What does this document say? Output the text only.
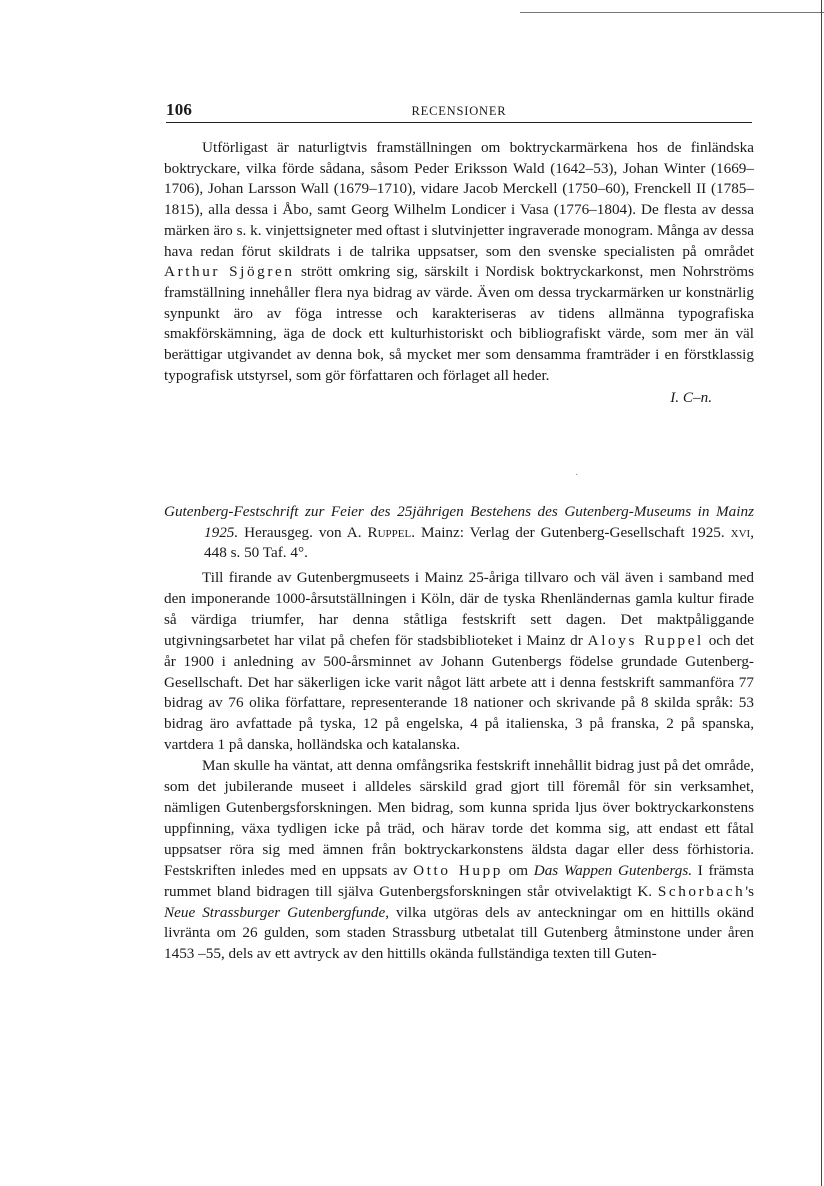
106	RECENSIONER

Utförligast är naturligtvis framställningen om boktryckarmärkena hos de finländska boktryckare, vilka förde sådana, såsom Peder Eriksson Wald (1642–53), Johan Winter (1669–1706), Johan Larsson Wall (1679–1710), vidare Jacob Merckell (1750–60), Frenckell II (1785–1815), alla dessa i Åbo, samt Georg Wilhelm Londicer i Vasa (1776–1804). De flesta av dessa märken äro s. k. vinjettsigneter med oftast i slutvinjetter ingraverade monogram. Många av dessa hava redan förut skildrats i de talrika uppsatser, som den svenske specialisten på området Arthur Sjögren strött omkring sig, särskilt i Nordisk boktryckarkonst, men Nohrströms framställning innehåller flera nya bidrag av värde. Även om dessa tryckarmärken ur konstnärlig synpunkt äro av föga intresse och karakteriseras av tidens allmänna typografiska smakförskämning, äga de dock ett kulturhistoriskt och bibliografiskt värde, som mer än väl berättigar utgivandet av denna bok, så mycket mer som densamma framträder i en förstklassig typografisk utstyrsel, som gör författaren och förlaget all heder.

I. C–n.
·

Gutenberg-Festschrift zur Feier des 25jährigen Bestehens des Gutenberg-Museums in Mainz 1925. Herausgeg. von A. Ruppel. Mainz: Verlag der Gutenberg-Gesellschaft 1925. xvi, 448 s. 50 Taf. 4°.

Till firande av Gutenbergmuseets i Mainz 25-åriga tillvaro och väl även i samband med den imponerande 1000-årsutställningen i Köln, där de tyska Rhenländernas gamla kultur firade så värdiga triumfer, har denna ståtliga festskrift sett dagen. Det maktpåliggande utgivningsarbetet har vilat på chefen för stadsbiblioteket i Mainz dr Aloys Ruppel och det år 1900 i anledning av 500-årsminnet av Johann Gutenbergs födelse grundade Gutenberg-Gesellschaft. Det har säkerligen icke varit något lätt arbete att i denna festskrift sammanföra 77 bidrag av 76 olika författare, representerande 18 nationer och skrivande på 8 skilda språk: 53 bidrag äro avfattade på tyska, 12 på engelska, 4 på italienska, 3 på franska, 2 på spanska, vartdera 1 på danska, holländska och katalanska.

Man skulle ha väntat, att denna omfångsrika festskrift innehållit bidrag just på det område, som det jubilerande museet i alldeles särskild grad gjort till föremål för sin verksamhet, nämligen Gutenbergsforskningen. Men bidrag, som kunna sprida ljus över boktryckarkonstens uppfinning, växa tydligen icke på träd, och härav torde det komma sig, att endast ett fåtal uppsatser röra sig med ämnen från boktryckarkonstens äldsta dagar eller dess förhistoria. Festskriften inledes med en uppsats av Otto Hupp om Das Wappen Gutenbergs. I främsta rummet bland bidragen till själva Gutenbergsforskningen står otvivelaktigt K. Schorbach's Neue Strassburger Gutenbergfunde, vilka utgöras dels av anteckningar om en hittills okänd livränta om 26 gulden, som staden Strassburg utbetalat till Gutenberg åtminstone under åren 1453 –55, dels av ett avtryck av den hittills okända fullständiga texten till Guten-
